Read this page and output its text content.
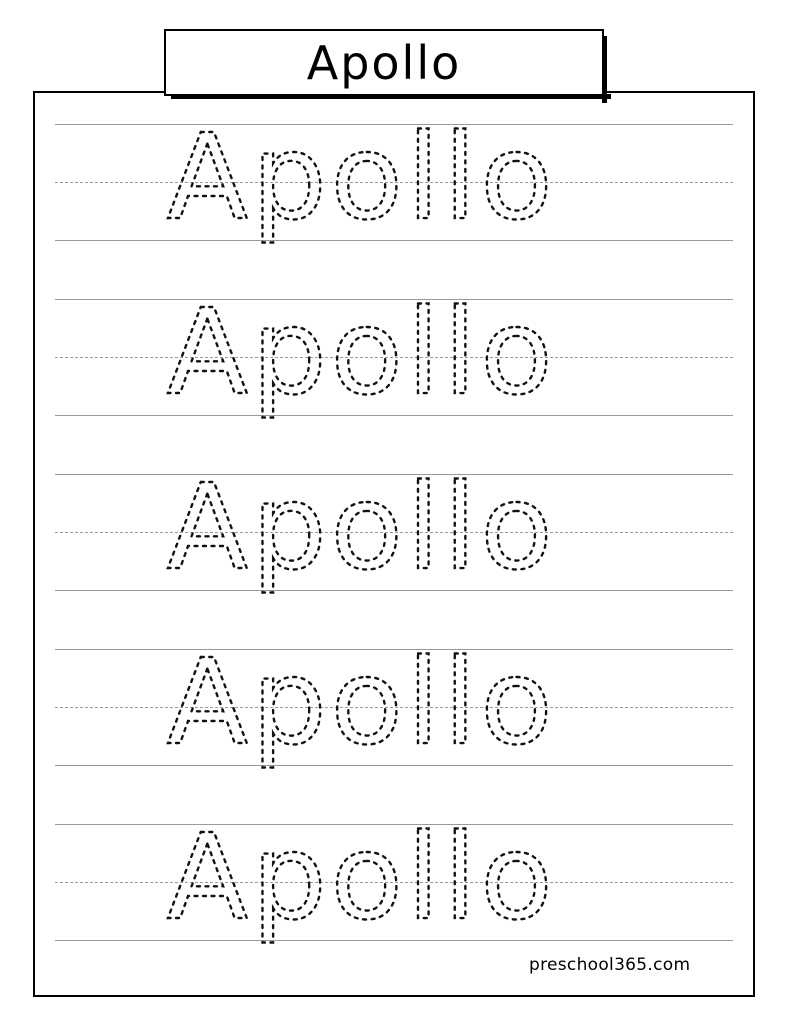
Apollo
Apollo
Apollo
Apollo
Apollo
Apollo
preschool365.com
